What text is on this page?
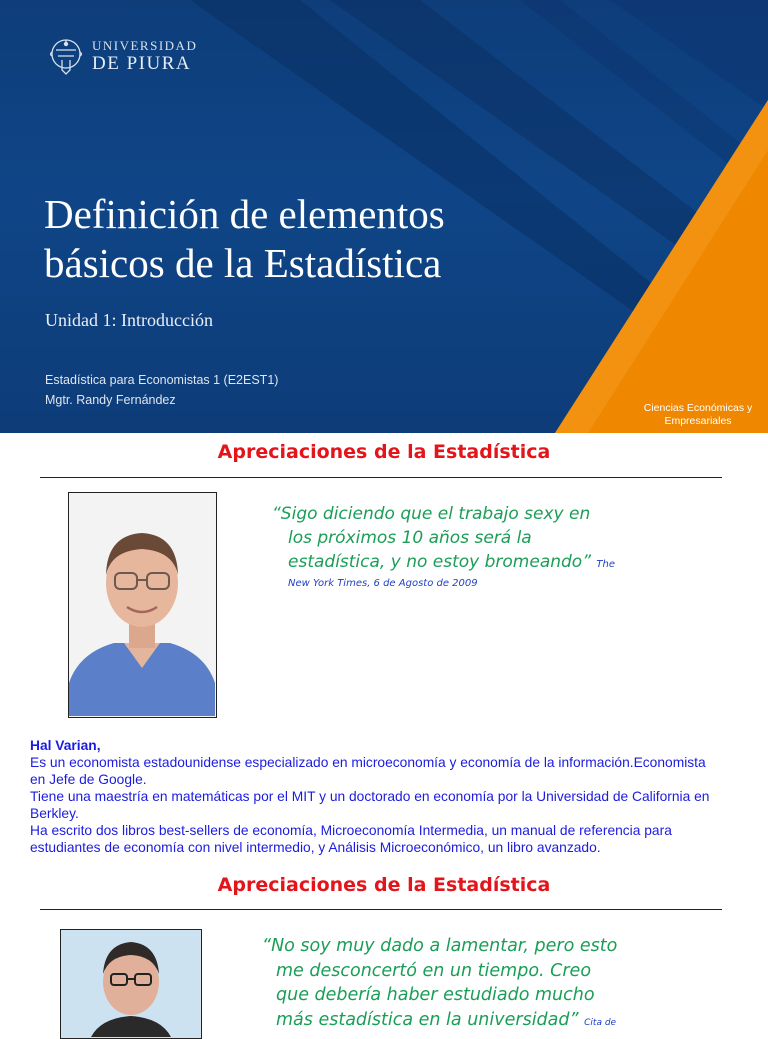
UNIVERSIDAD
DE PIURA
Definición de elementos
básicos de la Estadística
Unidad 1: Introducción
Estadística para Economistas 1 (E2EST1)
Mgtr. Randy Fernández
Ciencias Económicas y
Empresariales
Apreciaciones de la Estadística
“Sigo diciendo que el trabajo sexy en
los próximos 10 años será la
estadística, y no estoy bromeando” The
New York Times, 6 de Agosto de 2009

Hal Varian,

Es un economista estadounidense especializado en microeconomía y economía de la información.Economista

en Jefe de Google.

Tiene una maestría en matemáticas por el MIT y un doctorado en economía por la Universidad de California en

Berkley.

Ha escrito dos libros best-sellers de economía, Microeconomía Intermedia, un manual de referencia para

estudiantes de economía con nivel intermedio, y Análisis Microeconómico, un libro avanzado.

Apreciaciones de la Estadística
“No soy muy dado a lamentar, pero esto
me desconcertó en un tiempo. Creo
que debería haber estudiado mucho
más estadística en la universidad” Cita de
